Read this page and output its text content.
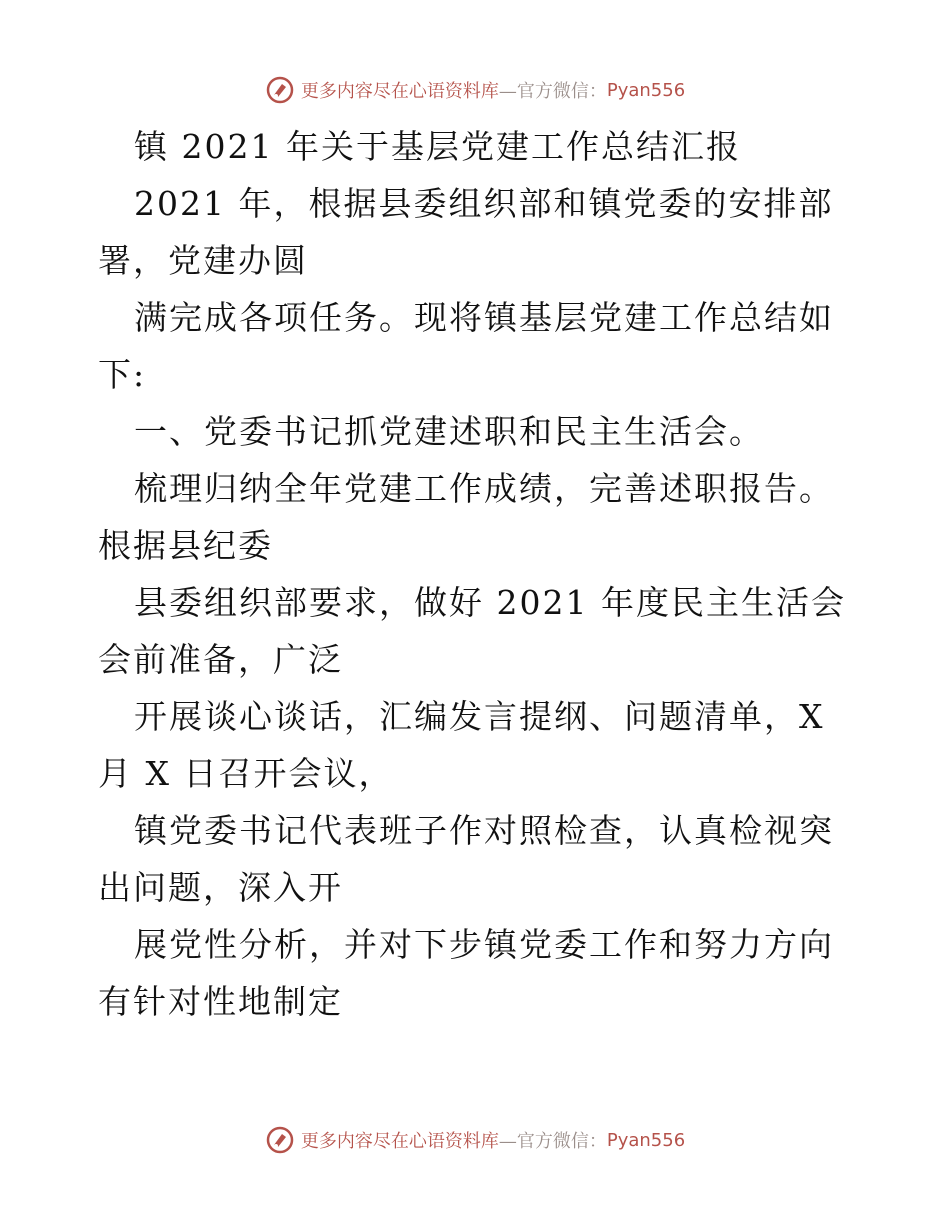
更多内容尽在心语资料库 —官方微信： Pyan556

镇 2021 年关于基层党建工作总结汇报

2021 年，根据县委组织部和镇党委的安排部署，党建办圆

满完成各项任务。现将镇基层党建工作总结如下:

一、党委书记抓党建述职和民主生活会。

梳理归纳全年党建工作成绩，完善述职报告。根据县纪委

县委组织部要求，做好 2021 年度民主生活会会前准备，广泛

开展谈心谈话，汇编发言提纲、问题清单，X 月 X 日召开会议，

镇党委书记代表班子作对照检查，认真检视突出问题，深入开

展党性分析，并对下步镇党委工作和努力方向有针对性地制定

更多内容尽在心语资料库 —官方微信： Pyan556
